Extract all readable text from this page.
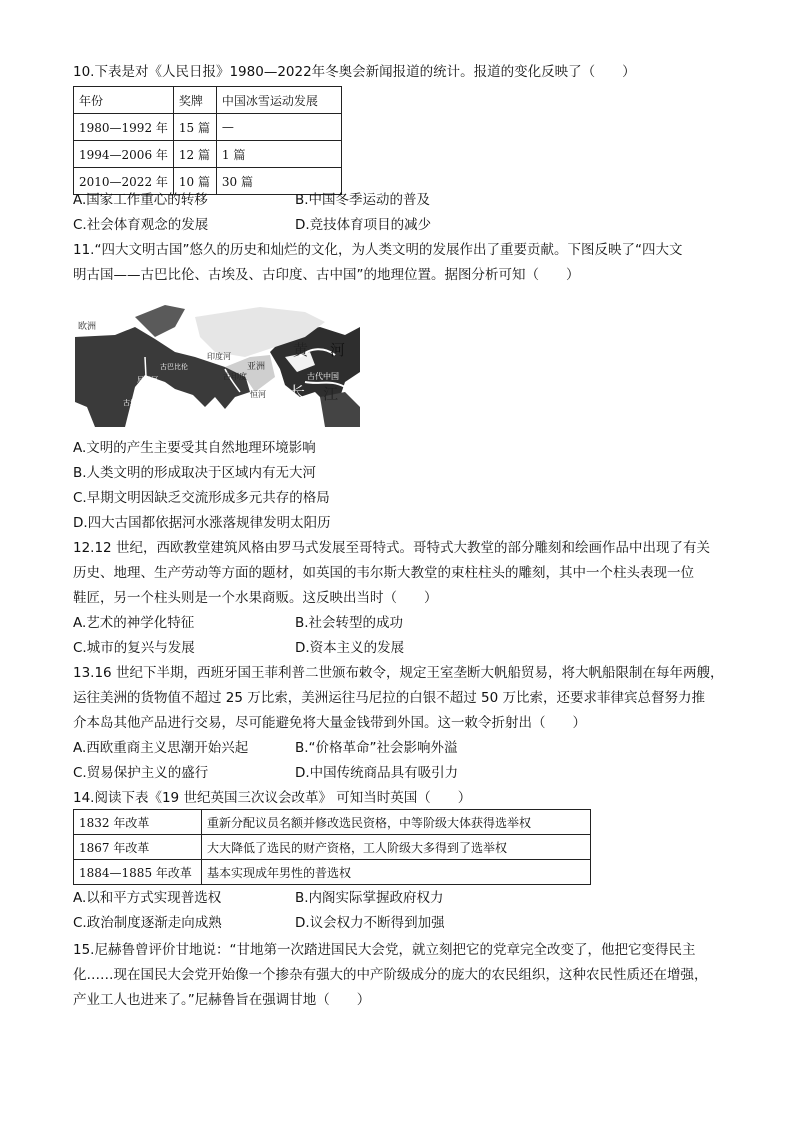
10.下表是对《人民日报》1980—2022年冬奥会新闻报道的统计。报道的变化反映了（　　）
年份	奖牌	中国冰雪运动发展
1980—1992 年	15 篇	—
1994—2006 年	12 篇	1 篇
2010—2022 年	10 篇	30 篇
A.国家工作重心的转移	B.中国冬季运动的普及
C.社会体育观念的发展	D.竞技体育项目的减少
11.“四大文明古国”悠久的历史和灿烂的文化，为人类文明的发展作出了重要贡献。下图反映了“四大文
明古国——古巴比伦、古埃及、古印度、古中国”的地理位置。据图分析可知（　　）
欧洲
亚洲
黄 河
古代中国
长 江
印度河
古印度
恒河
尼罗河
古埃及
古巴比伦
A.文明的产生主要受其自然地理环境影响
B.人类文明的形成取决于区域内有无大河
C.早期文明因缺乏交流形成多元共存的格局
D.四大古国都依据河水涨落规律发明太阳历
12.12 世纪，西欧教堂建筑风格由罗马式发展至哥特式。哥特式大教堂的部分雕刻和绘画作品中出现了有关
历史、地理、生产劳动等方面的题材，如英国的韦尔斯大教堂的束柱柱头的雕刻，其中一个柱头表现一位
鞋匠，另一个柱头则是一个水果商贩。这反映出当时（　　）
A.艺术的神学化特征	B.社会转型的成功
C.城市的复兴与发展	D.资本主义的发展
13.16 世纪下半期，西班牙国王菲利普二世颁布敕令，规定王室垄断大帆船贸易，将大帆船限制在每年两艘，
运往美洲的货物值不超过 25 万比索，美洲运往马尼拉的白银不超过 50 万比索，还要求菲律宾总督努力推
介本岛其他产品进行交易，尽可能避免将大量金钱带到外国。这一敕令折射出（　　）
A.西欧重商主义思潮开始兴起	B.“价格革命”社会影响外溢
C.贸易保护主义的盛行	D.中国传统商品具有吸引力
14.阅读下表《19 世纪英国三次议会改革》 可知当时英国（　　）
1832 年改革	重新分配议员名额并修改选民资格，中等阶级大体获得选举权
1867 年改革	大大降低了选民的财产资格，工人阶级大多得到了选举权
1884—1885 年改革	基本实现成年男性的普选权
A.以和平方式实现普选权	B.内阁实际掌握政府权力
C.政治制度逐渐走向成熟	D.议会权力不断得到加强
15.尼赫鲁曾评价甘地说：“甘地第一次踏进国民大会党，就立刻把它的党章完全改变了，他把它变得民主
化……现在国民大会党开始像一个掺杂有强大的中产阶级成分的庞大的农民组织，这种农民性质还在增强，
产业工人也进来了。”尼赫鲁旨在强调甘地（　　）
